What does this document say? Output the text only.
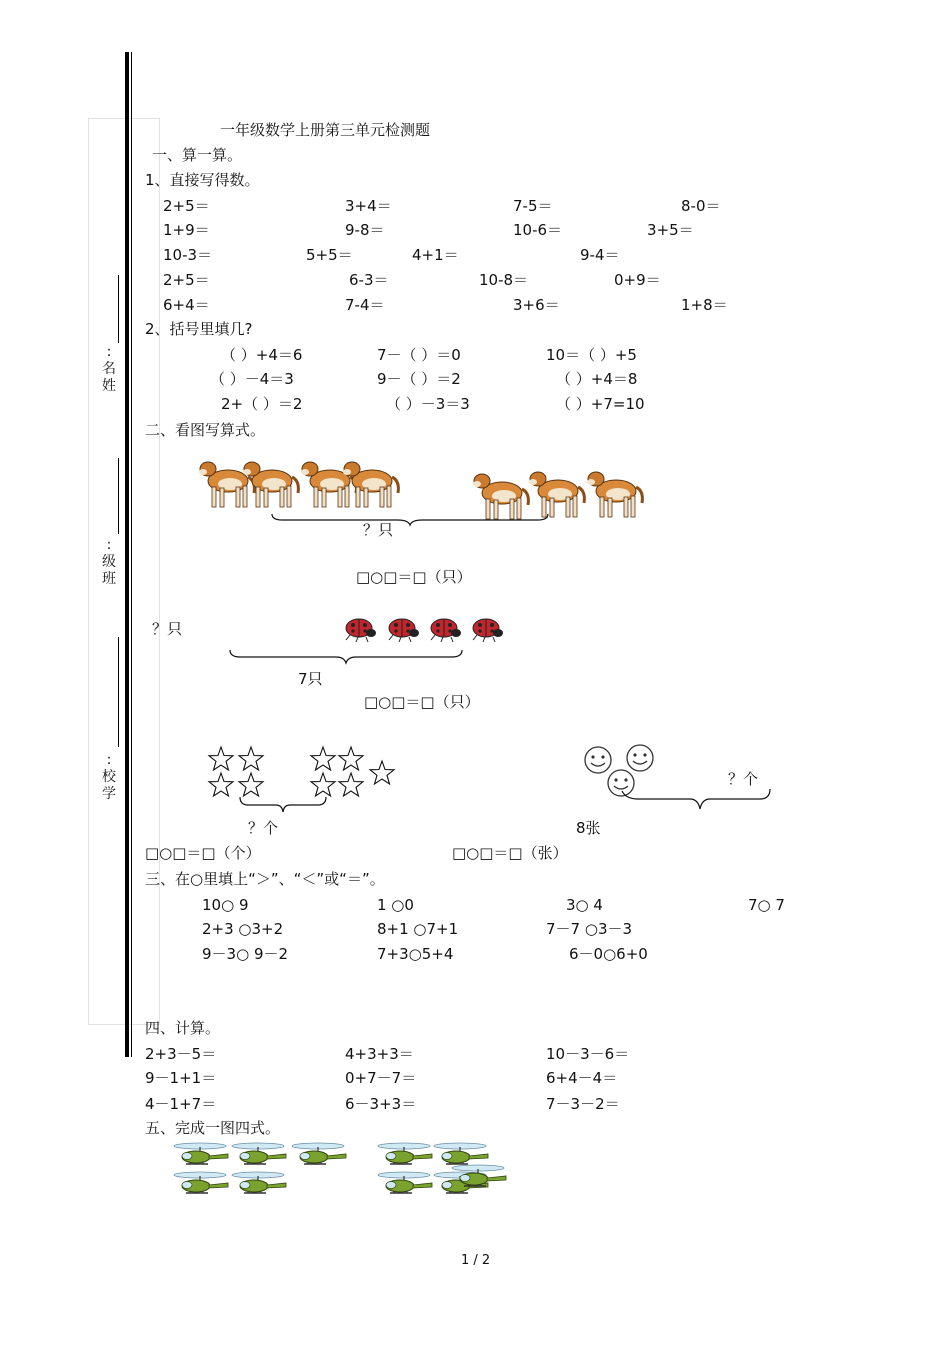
:名姓
:级班
:校学
一年级数学上册第三单元检测题
一、算一算。
1、直接写得数。
2+5＝	3+4＝	7-5＝	8-0＝
1+9＝	9-8＝	10-6＝	3+5＝
10-3＝	5+5＝	4+1＝	9-4＝
2+5＝	6-3＝	10-8＝	0+9＝
6+4＝	7-4＝	3+6＝	1+8＝
2、括号里填几?
（ ）+4＝6	7－（ ）＝0	10＝（ ）+5
（ ）－4＝3	9－（ ）＝2	（ ）+4＝8
2+（ ）＝2	（ ）－3＝3	（ ）+7=10
二、看图写算式。
？只
□○□＝□（只）
？只
7只
□○□＝□（只）
？个
？个
8张
□○□＝□（个）	□○□＝□（张）
三、在○里填上“＞”、“＜”或“＝”。
10○ 9	1 ○0	3○ 4	7○ 7
2+3 ○3+2	8+1 ○7+1	7－7 ○3－3
9－3○ 9－2	7+3○5+4	6－0○6+0
四、计算。
2+3－5＝	4+3+3＝	10－3－6＝
9－1+1＝	0+7－7＝	6+4－4＝
4－1+7＝	6－3+3＝	7－3－2＝
五、完成一图四式。
1 / 2
